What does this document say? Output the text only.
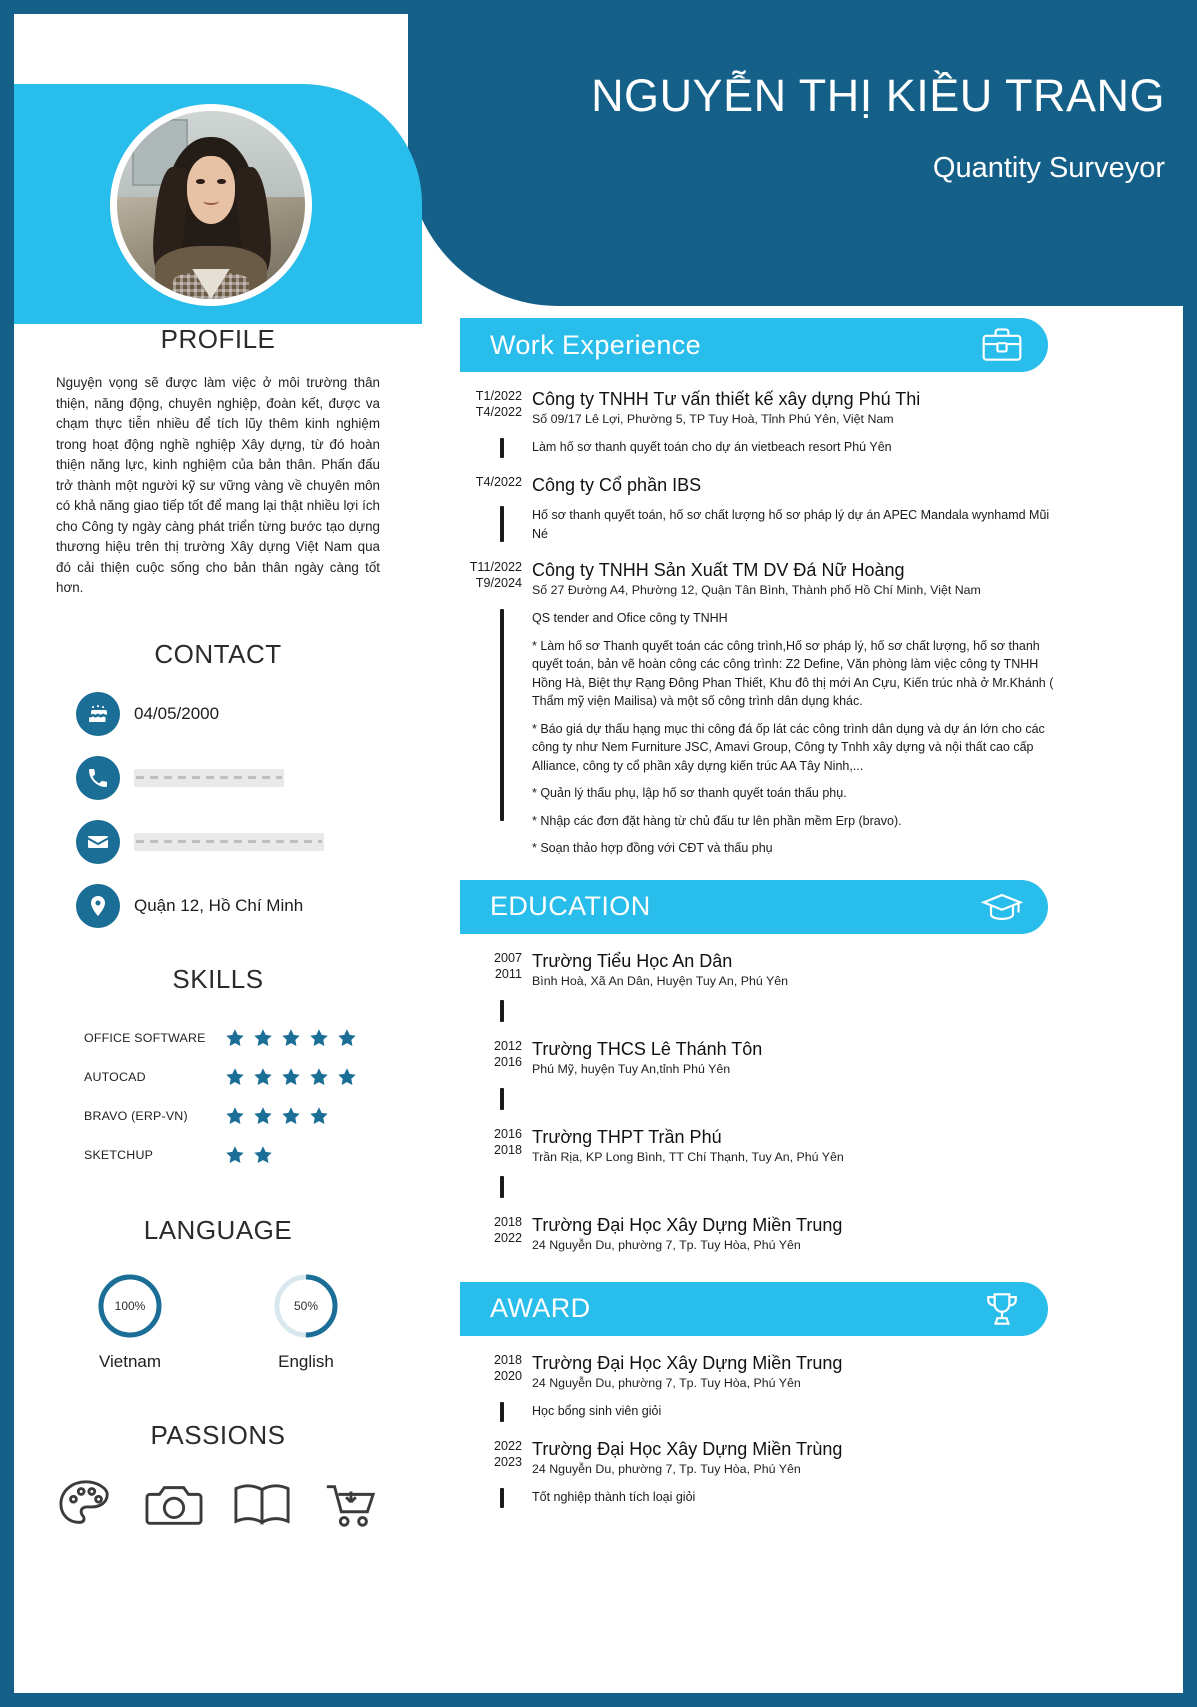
NGUYỄN THỊ KIỀU TRANG
Quantity Surveyor
PROFILE
Nguyện vọng sẽ được làm việc ở môi trường thân thiện, năng động, chuyên nghiệp, đoàn kết, được va chạm thực tiễn nhiều để tích lũy thêm kinh nghiệm trong hoạt động nghề nghiệp Xây dựng, từ đó hoàn thiện năng lực, kinh nghiệm của bản thân. Phấn đấu trở thành một người kỹ sư vững vàng về chuyên môn có khả năng giao tiếp tốt để mang lại thật nhiều lợi ích cho Công ty ngày càng phát triển từng bước tạo dựng thương hiệu trên thị trường Xây dựng Việt Nam qua đó cải thiện cuộc sống cho bản thân ngày càng tốt hơn.
CONTACT
04/05/2000
Quận 12, Hồ Chí Minh
SKILLS
OFFICE SOFTWARE
AUTOCAD
BRAVO (ERP-VN)
SKETCHUP
LANGUAGE
100%
Vietnam
50%
English
PASSIONS
Work Experience
T1/2022
T4/2022
Công ty TNHH Tư vấn thiết kế xây dựng Phú Thi
Số 09/17 Lê Lợi, Phường 5, TP Tuy Hoà, Tỉnh Phú Yên, Việt Nam

Làm hố sơ thanh quyết toán cho dự án vietbeach resort Phú Yên

T4/2022 Công ty Cổ phần IBS

Hố sơ thanh quyết toán, hố sơ chất lượng hố sơ pháp lý dự án APEC Mandala wynhamd Mũi Né

T11/2022
T9/2024
Công ty TNHH Sản Xuất TM DV Đá Nữ Hoàng
Số 27 Đường A4, Phường 12, Quận Tân Bình, Thành phố Hồ Chí Minh, Việt Nam

QS tender and Ofice công ty TNHH

* Làm hố sơ Thanh quyết toán các công trình,Hố sơ pháp lý, hố sơ chất lượng, hố sơ thanh quyết toán, bản vẽ hoàn công các công trình: Z2 Define, Văn phòng làm việc công ty TNHH Hồng Hà, Biệt thự Rạng Đông Phan Thiết, Khu đô thị mới An Cựu, Kiến trúc nhà ở Mr.Khánh ( Thẩm mỹ viện Mailisa) và một số công trình dân dụng khác.

* Báo giá dự thấu hạng mục thi công đá ốp lát các công trình dân dụng và dự án lớn cho các công ty như Nem Furniture JSC, Amavi Group, Công ty Tnhh xây dựng và nội thất cao cấp Alliance, công ty cổ phần xây dựng kiến trúc AA Tây Ninh,...

* Quản lý thấu phụ, lập hố sơ thanh quyết toán thấu phụ.

* Nhập các đơn đặt hàng từ chủ đấu tư lên phần mềm Erp (bravo).

* Soạn thảo hợp đồng với CĐT và thấu phụ

EDUCATION
2007
2011
Trường Tiểu Học An Dân
Bình Hoà, Xã An Dân, Huyện Tuy An, Phú Yên
2012
2016
Trường THCS Lê Thánh Tôn
Phú Mỹ, huyện Tuy An,tỉnh Phú Yên
2016
2018
Trường THPT Trần Phú
Trần Rịa, KP Long Bình, TT Chí Thạnh, Tuy An, Phú Yên
2018
2022
Trường Đại Học Xây Dựng Miền Trung
24 Nguyễn Du, phường 7, Tp. Tuy Hòa, Phú Yên
AWARD
2018
2020
Trường Đại Học Xây Dựng Miền Trung
24 Nguyễn Du, phường 7, Tp. Tuy Hòa, Phú Yên

Học bổng sinh viên giỏi

2022
2023
Trường Đại Học Xây Dựng Miền Trùng
24 Nguyễn Du, phường 7, Tp. Tuy Hòa, Phú Yên

Tốt nghiệp thành tích loại giỏi
